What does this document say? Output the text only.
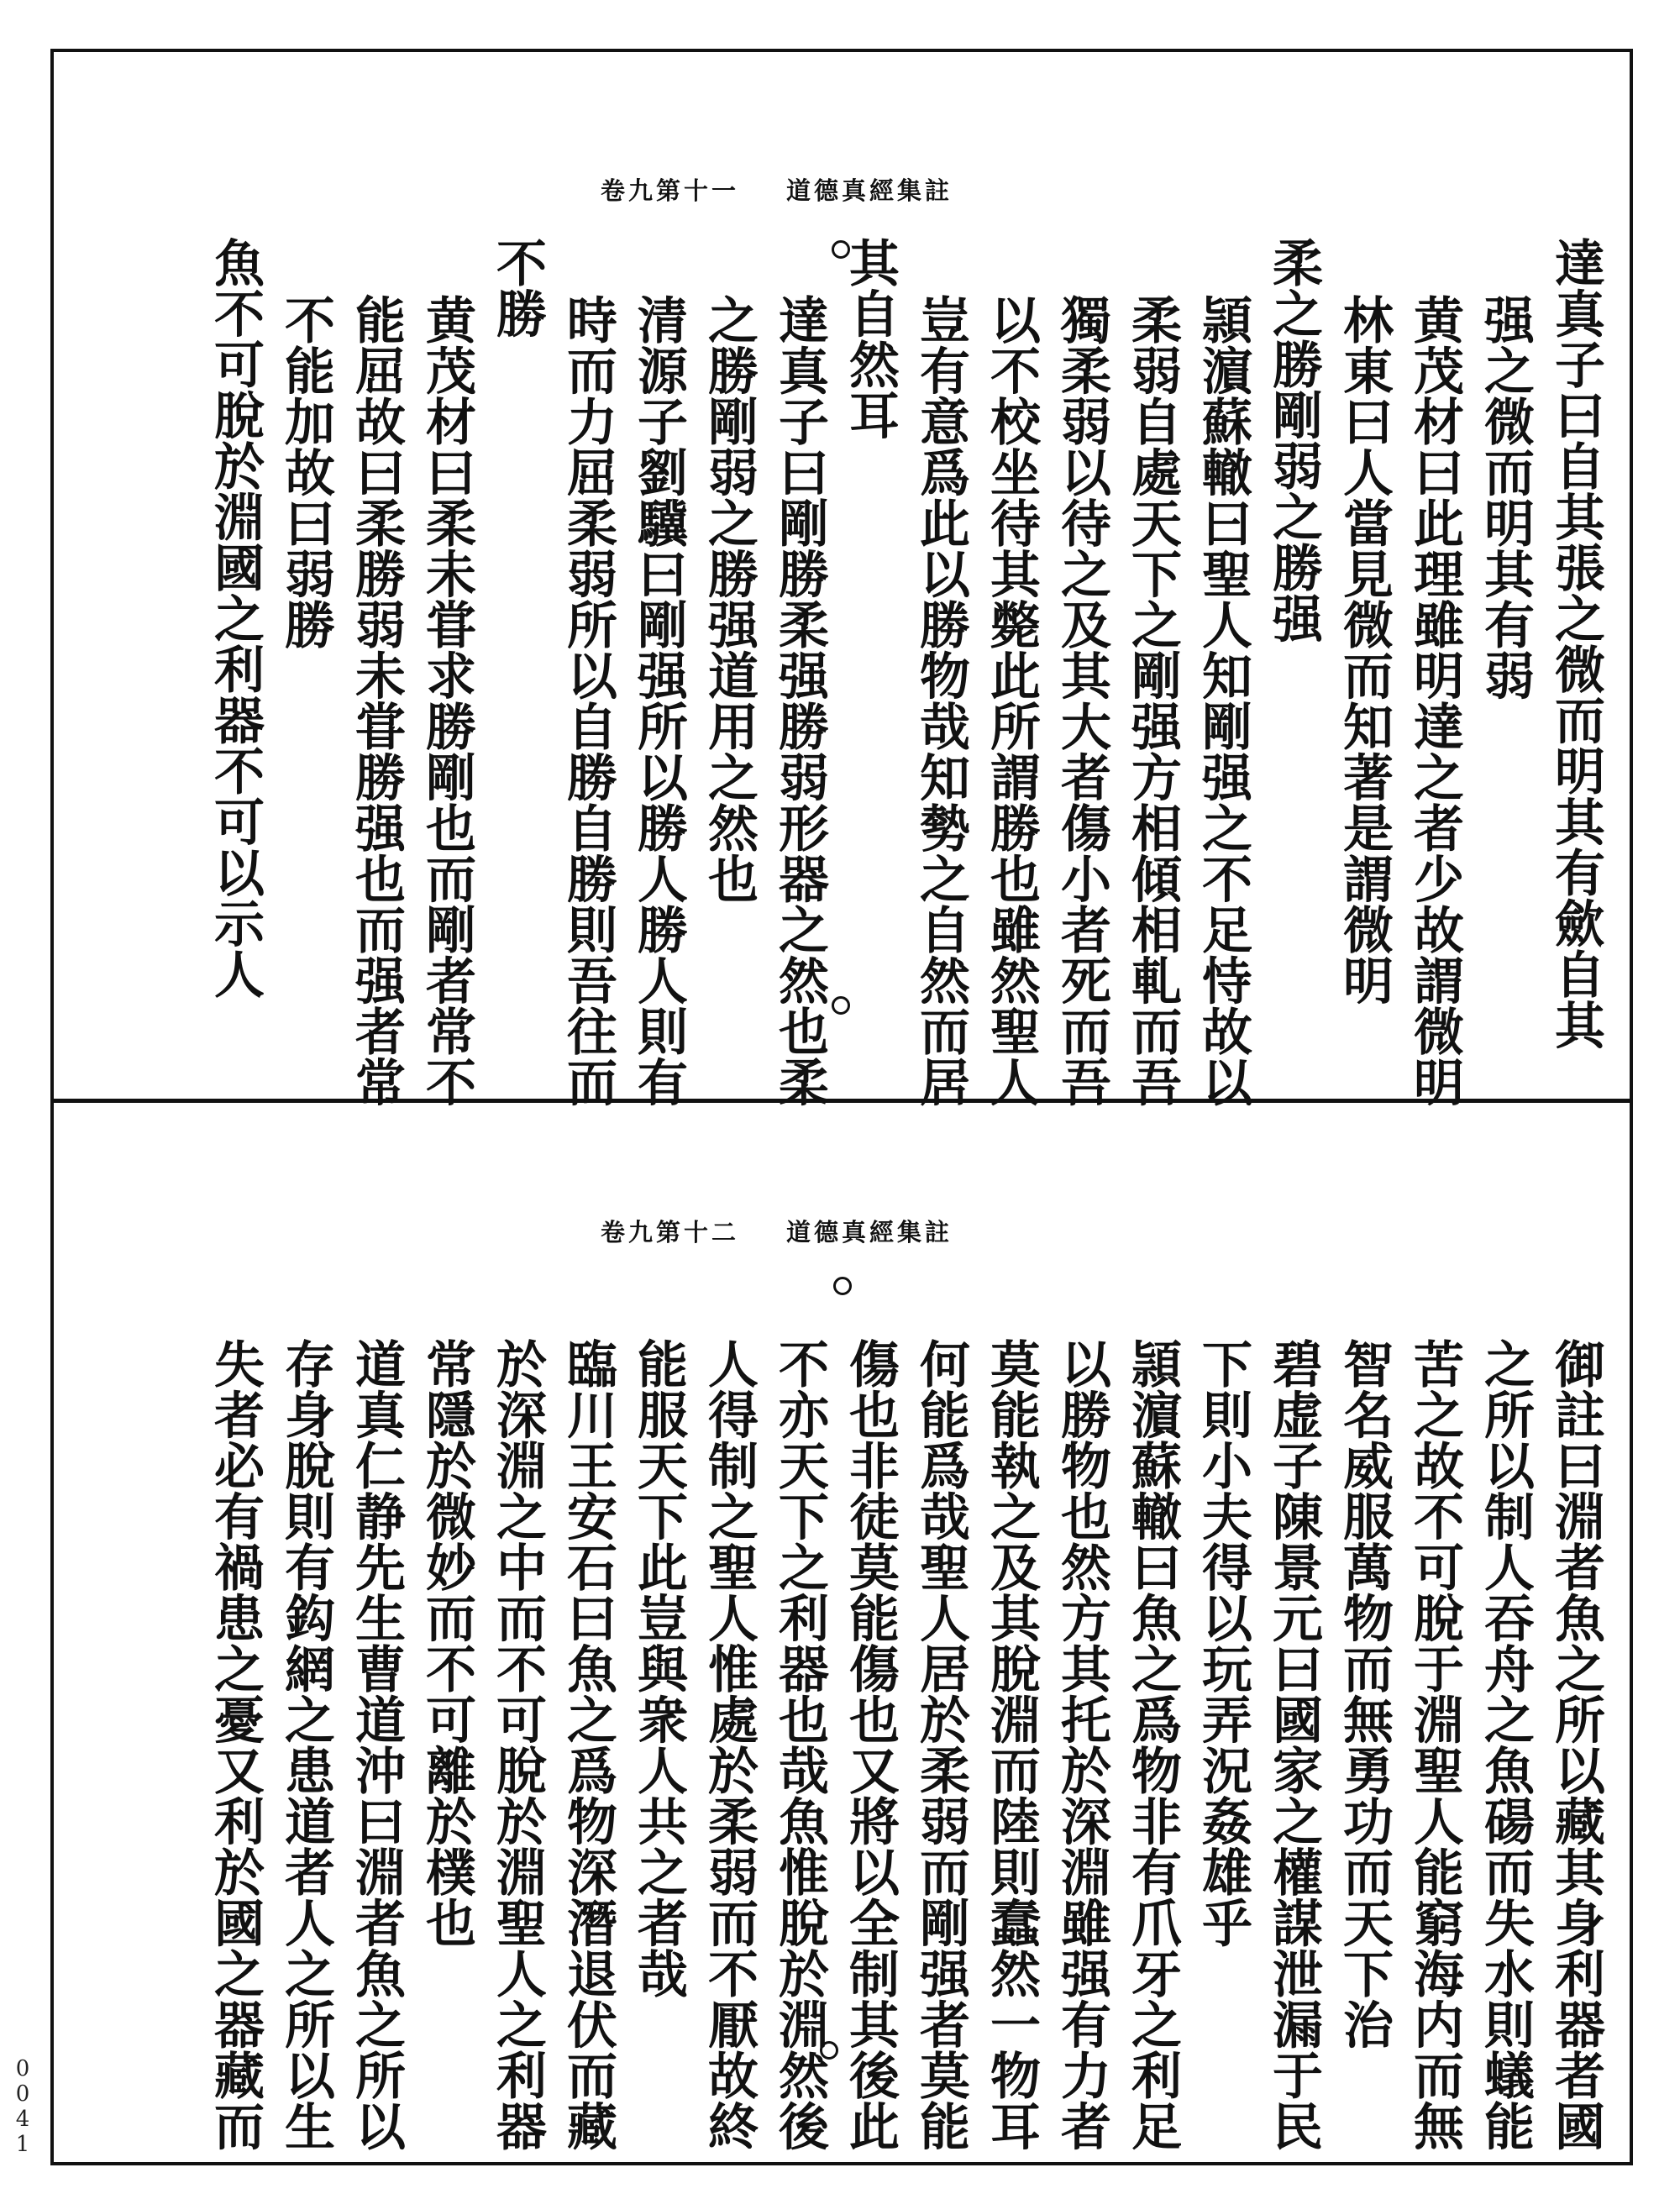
卷九第十一 道德真經集註
達真子曰自其張之微而明其有歛自其
强之微而明其有弱
黄茂材曰此理雖明達之者少故謂微明
林東曰人當見微而知著是謂微明
柔之勝剛弱之勝强
頴濵蘇轍曰聖人知剛强之不足恃故以
柔弱自處天下之剛强方相傾相軋而吾
獨柔弱以待之及其大者傷小者死而吾
以不校坐待其斃此所謂勝也雖然聖人
豈有意爲此以勝物哉知勢之自然而居
其自然耳
達真子曰剛勝柔强勝弱形器之然也柔
之勝剛弱之勝强道用之然也
清源子劉驥曰剛强所以勝人勝人則有
時而力屈柔弱所以自勝自勝則吾往而
不勝
黄茂材曰柔未甞求勝剛也而剛者常不
能屈故曰柔勝弱未甞勝强也而强者常
不能加故曰弱勝
魚不可脫於淵國之利器不可以示人
卷九第十二 道德真經集註
御註曰淵者魚之所以藏其身利器者國
之所以制人吞舟之魚碭而失水則蟻能
苦之故不可脫于淵聖人能窮海内而無
智名威服萬物而無勇功而天下治
碧虚子陳景元曰國家之權謀泄漏于民
下則小夫得以玩弄況姦雄乎
頴濵蘇轍曰魚之爲物非有爪牙之利足
以勝物也然方其托於深淵雖强有力者
莫能執之及其脫淵而陸則蠢然一物耳
何能爲哉聖人居於柔弱而剛强者莫能
傷也非徒莫能傷也又將以全制其後此
不亦天下之利器也哉魚惟脫於淵然後
人得制之聖人惟處於柔弱而不厭故終
能服天下此豈與衆人共之者哉
臨川王安石曰魚之爲物深潛退伏而藏
於深淵之中而不可脫於淵聖人之利器
常隱於微妙而不可離於樸也
道真仁静先生曹道沖曰淵者魚之所以
存身脫則有鈎網之患道者人之所以生
失者必有禍患之憂又利於國之器藏而
0041
